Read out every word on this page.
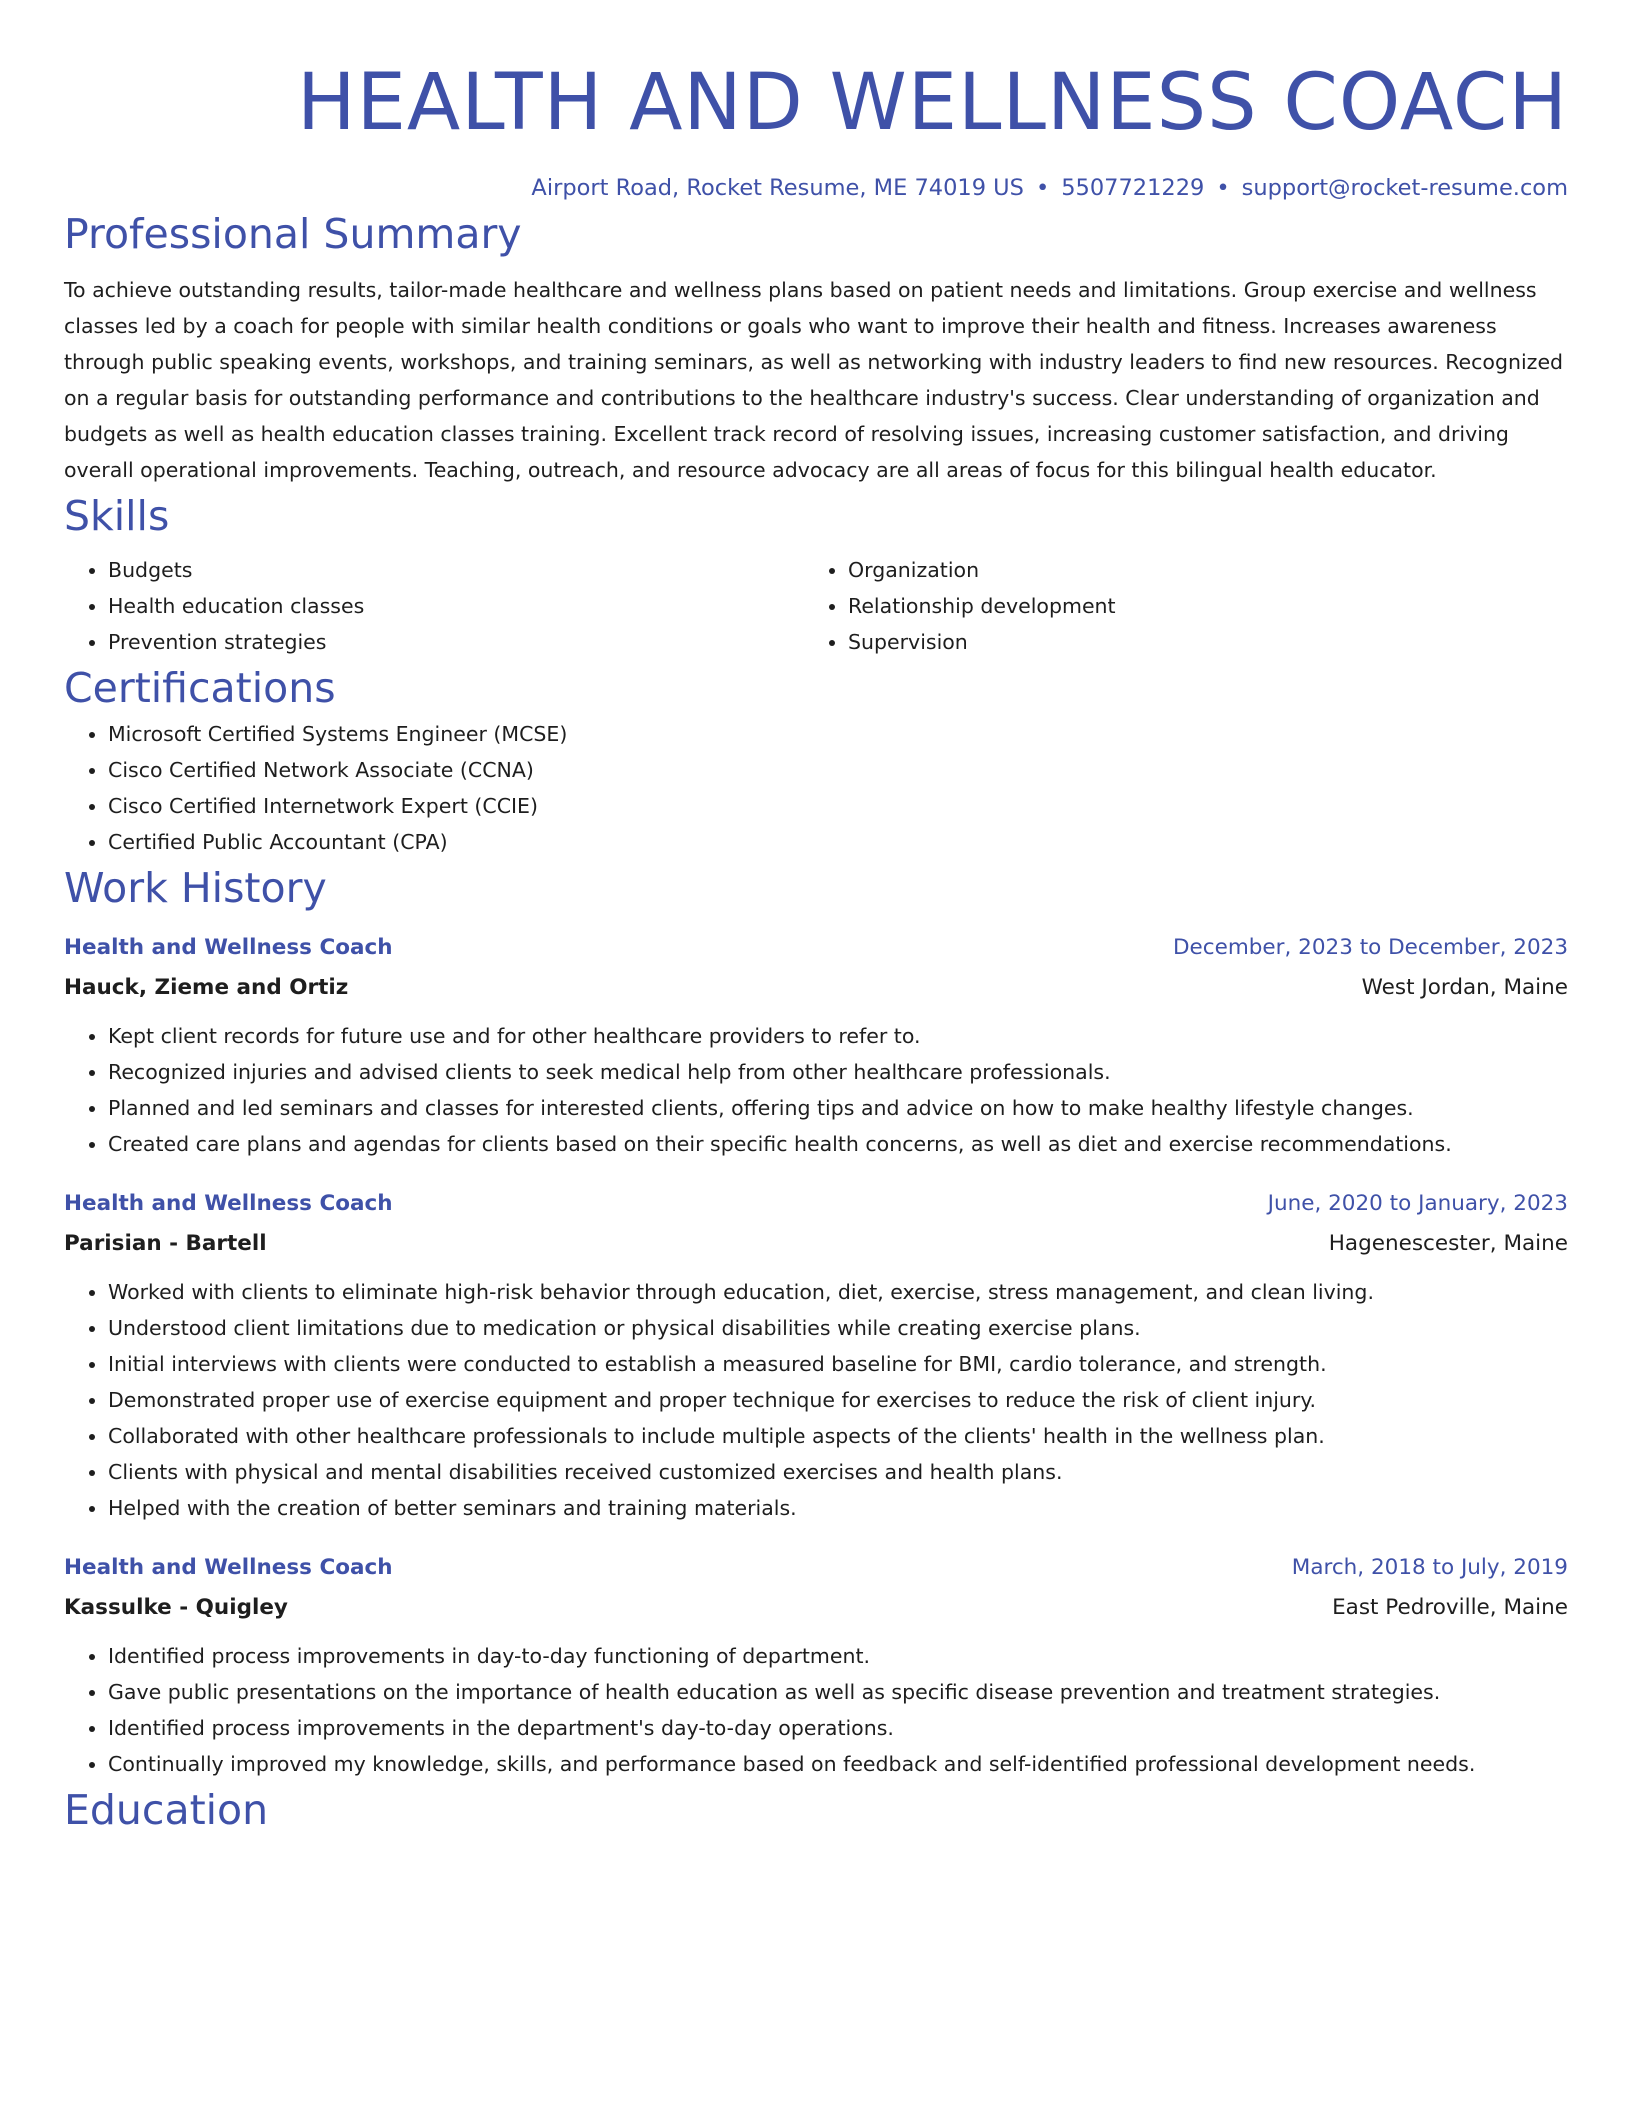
HEALTH AND WELLNESS COACH
Airport Road, Rocket Resume, ME 74019 US • 5507721229 • support@rocket-resume.com
Professional Summary

To achieve outstanding results, tailor-made healthcare and wellness plans based on patient needs and limitations. Group exercise and wellness classes led by a coach for people with similar health conditions or goals who want to improve their health and fitness. Increases awareness through public speaking events, workshops, and training seminars, as well as networking with industry leaders to find new resources. Recognized on a regular basis for outstanding performance and contributions to the healthcare industry's success. Clear understanding of organization and budgets as well as health education classes training. Excellent track record of resolving issues, increasing customer satisfaction, and driving overall operational improvements. Teaching, outreach, and resource advocacy are all areas of focus for this bilingual health educator.

Skills
• Budgets
• Health education classes
• Prevention strategies
• Organization
• Relationship development
• Supervision
Certifications
• Microsoft Certified Systems Engineer (MCSE)
• Cisco Certified Network Associate (CCNA)
• Cisco Certified Internetwork Expert (CCIE)
• Certified Public Accountant (CPA)
Work History
Health and Wellness Coach	December, 2023 to December, 2023
Hauck, Zieme and Ortiz	West Jordan, Maine
• Kept client records for future use and for other healthcare providers to refer to.
• Recognized injuries and advised clients to seek medical help from other healthcare professionals.
• Planned and led seminars and classes for interested clients, offering tips and advice on how to make healthy lifestyle changes.
• Created care plans and agendas for clients based on their specific health concerns, as well as diet and exercise recommendations.
Health and Wellness Coach	June, 2020 to January, 2023
Parisian - Bartell	Hagenescester, Maine
• Worked with clients to eliminate high-risk behavior through education, diet, exercise, stress management, and clean living.
• Understood client limitations due to medication or physical disabilities while creating exercise plans.
• Initial interviews with clients were conducted to establish a measured baseline for BMI, cardio tolerance, and strength.
• Demonstrated proper use of exercise equipment and proper technique for exercises to reduce the risk of client injury.
• Collaborated with other healthcare professionals to include multiple aspects of the clients' health in the wellness plan.
• Clients with physical and mental disabilities received customized exercises and health plans.
• Helped with the creation of better seminars and training materials.
Health and Wellness Coach	March, 2018 to July, 2019
Kassulke - Quigley	East Pedroville, Maine
• Identified process improvements in day-to-day functioning of department.
• Gave public presentations on the importance of health education as well as specific disease prevention and treatment strategies.
• Identified process improvements in the department's day-to-day operations.
• Continually improved my knowledge, skills, and performance based on feedback and self-identified professional development needs.
Education
